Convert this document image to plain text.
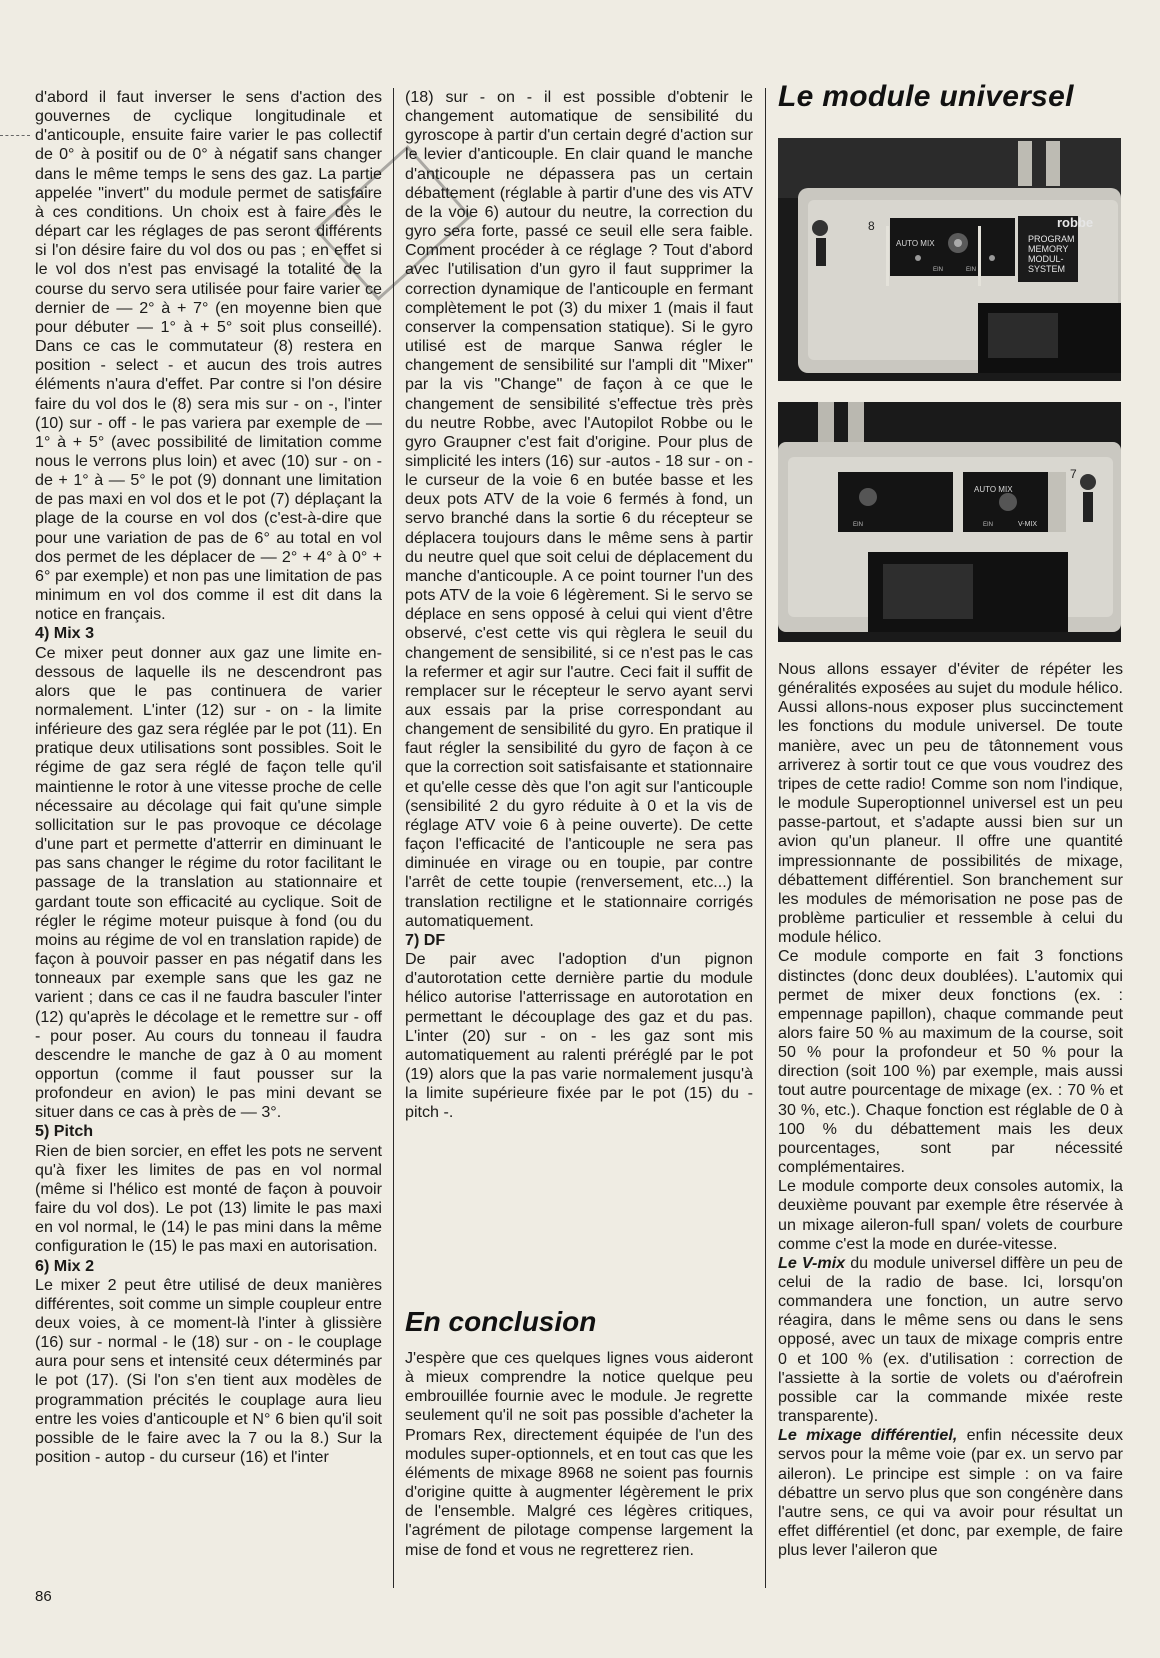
d'abord il faut inverser le sens d'action des gouvernes de cyclique longitudinale et d'anticouple, ensuite faire varier le pas collectif de 0° à positif ou de 0° à négatif sans changer dans le même temps le sens des gaz. La partie appelée "invert" du module permet de satisfaire à ces conditions. Un choix est à faire dès le départ car les réglages de pas seront différents si l'on désire faire du vol dos ou pas ; en effet si le vol dos n'est pas envisagé la totalité de la course du servo sera utilisée pour faire varier ce dernier de — 2° à + 7° (en moyenne bien que pour débuter — 1° à + 5° soit plus conseillé). Dans ce cas le commutateur (8) restera en position - select - et aucun des trois autres éléments n'aura d'effet. Par contre si l'on désire faire du vol dos le (8) sera mis sur - on -, l'inter (10) sur - off - le pas variera par exemple de — 1° à + 5° (avec possibilité de limitation comme nous le verrons plus loin) et avec (10) sur - on - de + 1° à — 5° le pot (9) donnant une limitation de pas maxi en vol dos et le pot (7) déplaçant la plage de la course en vol dos (c'est-à-dire que pour une variation de pas de 6° au total en vol dos permet de les déplacer de — 2° + 4° à 0° + 6° par exemple) et non pas une limitation de pas minimum en vol dos comme il est dit dans la notice en français.

4) Mix 3

Ce mixer peut donner aux gaz une limite en-dessous de laquelle ils ne descendront pas alors que le pas continuera de varier normalement. L'inter (12) sur - on - la limite inférieure des gaz sera réglée par le pot (11). En pratique deux utilisations sont possibles. Soit le régime de gaz sera réglé de façon telle qu'il maintienne le rotor à une vitesse proche de celle nécessaire au décolage qui fait qu'une simple sollicitation sur le pas provoque ce décolage d'une part et permette d'atterrir en diminuant le pas sans changer le régime du rotor facilitant le passage de la translation au stationnaire et gardant toute son efficacité au cyclique. Soit de régler le régime moteur puisque à fond (ou du moins au régime de vol en translation rapide) de façon à pouvoir passer en pas négatif dans les tonneaux par exemple sans que les gaz ne varient ; dans ce cas il ne faudra basculer l'inter (12) qu'après le décolage et le remettre sur - off - pour poser. Au cours du tonneau il faudra descendre le manche de gaz à 0 au moment opportun (comme il faut pousser sur la profondeur en avion) le pas mini devant se situer dans ce cas à près de — 3°.

5) Pitch

Rien de bien sorcier, en effet les pots ne servent qu'à fixer les limites de pas en vol normal (même si l'hélico est monté de façon à pouvoir faire du vol dos). Le pot (13) limite le pas maxi en vol normal, le (14) le pas mini dans la même configuration le (15) le pas maxi en autorisation.

6) Mix 2

Le mixer 2 peut être utilisé de deux manières différentes, soit comme un simple coupleur entre deux voies, à ce moment-là l'inter à glissière (16) sur - normal - le (18) sur - on - le couplage aura pour sens et intensité ceux déterminés par le pot (17). (Si l'on s'en tient aux modèles de programmation précités le couplage aura lieu entre les voies d'anticouple et N° 6 bien qu'il soit possible de le faire avec la 7 ou la 8.) Sur la position - autop - du curseur (16) et l'inter

(18) sur - on - il est possible d'obtenir le changement automatique de sensibilité du gyroscope à partir d'un certain degré d'action sur le levier d'anticouple. En clair quand le manche d'anticouple ne dépassera pas un certain débattement (réglable à partir d'une des vis ATV de la voie 6) autour du neutre, la correction du gyro sera forte, passé ce seuil elle sera faible. Comment procéder à ce réglage ? Tout d'abord avec l'utilisation d'un gyro il faut supprimer la correction dynamique de l'anticouple en fermant complètement le pot (3) du mixer 1 (mais il faut conserver la compensation statique). Si le gyro utilisé est de marque Sanwa régler le changement de sensibilité sur l'ampli dit "Mixer" par la vis "Change" de façon à ce que le changement de sensibilité s'effectue très près du neutre Robbe, avec l'Autopilot Robbe ou le gyro Graupner c'est fait d'origine. Pour plus de simplicité les inters (16) sur -autos - 18 sur - on - le curseur de la voie 6 en butée basse et les deux pots ATV de la voie 6 fermés à fond, un servo branché dans la sortie 6 du récepteur se déplacera toujours dans le même sens à partir du neutre quel que soit celui de déplacement du manche d'anticouple. A ce point tourner l'un des pots ATV de la voie 6 légèrement. Si le servo se déplace en sens opposé à celui qui vient d'être observé, c'est cette vis qui règlera le seuil du changement de sensibilité, si ce n'est pas le cas la refermer et agir sur l'autre. Ceci fait il suffit de remplacer sur le récepteur le servo ayant servi aux essais par la prise correspondant au changement de sensibilité du gyro. En pratique il faut régler la sensibilité du gyro de façon à ce que la correction soit satisfaisante et stationnaire et qu'elle cesse dès que l'on agit sur l'anticouple (sensibilité 2 du gyro réduite à 0 et la vis de réglage ATV voie 6 à peine ouverte). De cette façon l'efficacité de l'anticouple ne sera pas diminuée en virage ou en toupie, par contre l'arrêt de cette toupie (renversement, etc...) la translation rectiligne et le stationnaire corrigés automatiquement.

7) DF

De pair avec l'adoption d'un pignon d'autorotation cette dernière partie du module hélico autorise l'atterrissage en autorotation en permettant le découplage des gaz et du pas. L'inter (20) sur - on - les gaz sont mis automatiquement au ralenti préréglé par le pot (19) alors que la pas varie normalement jusqu'à la limite supérieure fixée par le pot (15) du - pitch -.

En conclusion

J'espère que ces quelques lignes vous aideront à mieux comprendre la notice quelque peu embrouillée fournie avec le module. Je regrette seulement qu'il ne soit pas possible d'acheter la Promars Rex, directement équipée de l'un des modules super-optionnels, et en tout cas que les éléments de mixage 8968 ne soient pas fournis d'origine quitte à augmenter légèrement le prix de l'ensemble. Malgré ces légères critiques, l'agrément de pilotage compense largement la mise de fond et vous ne regretterez rien.

Le module universel
robbe
PROGRAM
MEMORY
MODUL-
SYSTEM
AUTO MIX
8
EIN	EIN
AUTO MIX
V-MIX
7
EIN	EIN

Nous allons essayer d'éviter de répéter les généralités exposées au sujet du module hélico. Aussi allons-nous exposer plus succinctement les fonctions du module universel. De toute manière, avec un peu de tâtonnement vous arriverez à sortir tout ce que vous voudrez des tripes de cette radio! Comme son nom l'indique, le module Superoptionnel universel est un peu passe-partout, et s'adapte aussi bien sur un avion qu'un planeur. Il offre une quantité impressionnante de possibilités de mixage, débattement différentiel. Son branchement sur les modules de mémorisation ne pose pas de problème particulier et ressemble à celui du module hélico.

Ce module comporte en fait 3 fonctions distinctes (donc deux doublées). L'automix qui permet de mixer deux fonctions (ex. : empennage papillon), chaque commande peut alors faire 50 % au maximum de la course, soit 50 % pour la profondeur et 50 % pour la direction (soit 100 %) par exemple, mais aussi tout autre pourcentage de mixage (ex. : 70 % et 30 %, etc.). Chaque fonction est réglable de 0 à 100 % du débattement mais les deux pourcentages, sont par nécessité complémentaires.

Le module comporte deux consoles automix, la deuxième pouvant par exemple être réservée à un mixage aileron-full span/ volets de courbure comme c'est la mode en durée-vitesse.

Le V-mix du module universel diffère un peu de celui de la radio de base. Ici, lorsqu'on commandera une fonction, un autre servo réagira, dans le même sens ou dans le sens opposé, avec un taux de mixage compris entre 0 et 100 % (ex. d'utilisation : correction de l'assiette à la sortie de volets ou d'aérofrein possible car la commande mixée reste transparente).

Le mixage différentiel, enfin nécessite deux servos pour la même voie (par ex. un servo par aileron). Le principe est simple : on va faire débattre un servo plus que son congénère dans l'autre sens, ce qui va avoir pour résultat un effet différentiel (et donc, par exemple, de faire plus lever l'aileron que

86
